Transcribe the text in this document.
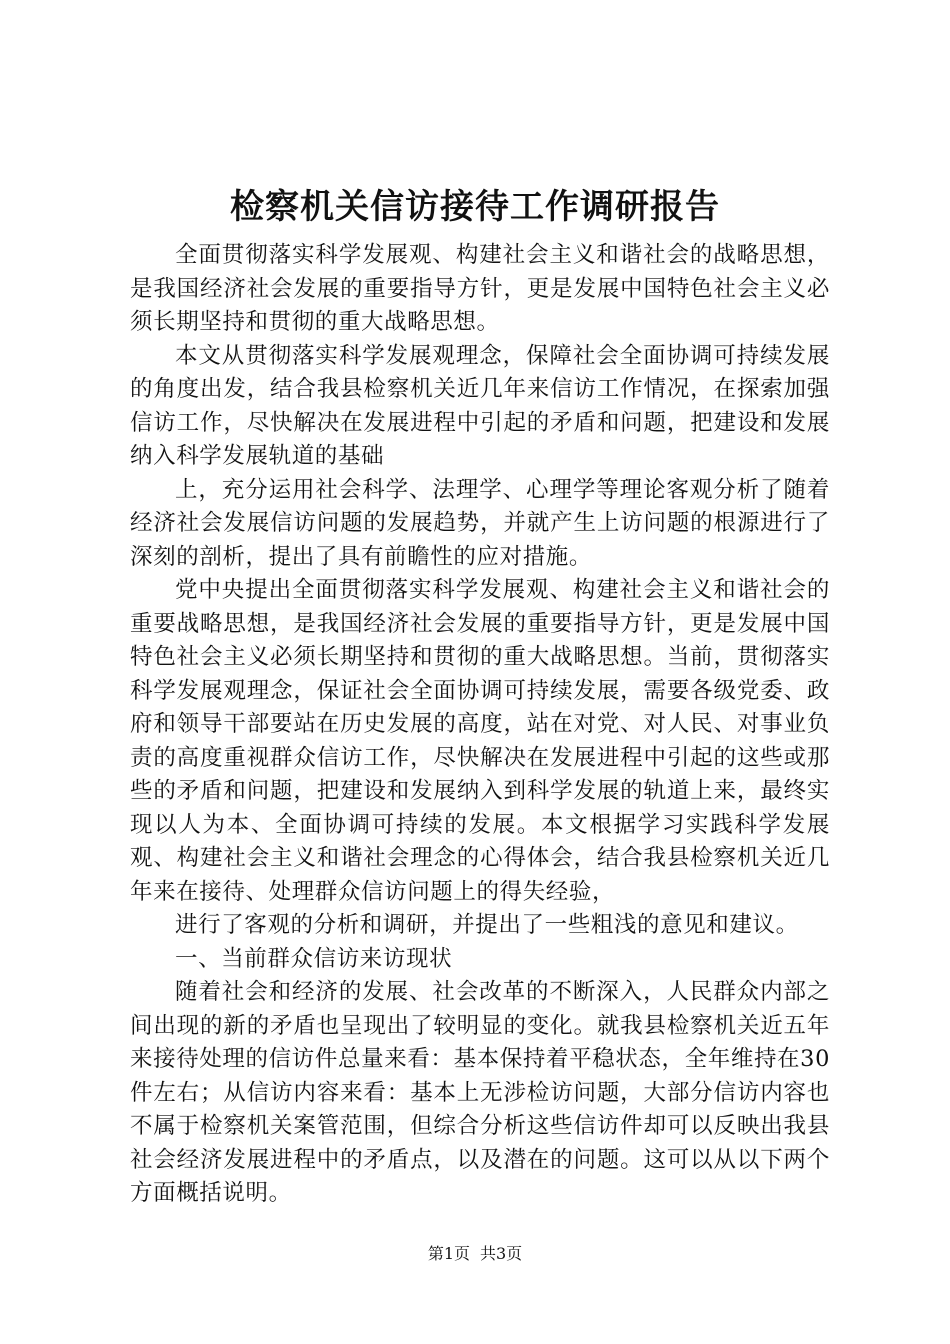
检察机关信访接待工作调研报告

全面贯彻落实科学发展观、构建社会主义和谐社会的战略思想，是我国经济社会发展的重要指导方针，更是发展中国特色社会主义必须长期坚持和贯彻的重大战略思想。

本文从贯彻落实科学发展观理念，保障社会全面协调可持续发展的角度出发，结合我县检察机关近几年来信访工作情况，在探索加强信访工作，尽快解决在发展进程中引起的矛盾和问题，把建设和发展纳入科学发展轨道的基础

上，充分运用社会科学、法理学、心理学等理论客观分析了随着经济社会发展信访问题的发展趋势，并就产生上访问题的根源进行了深刻的剖析，提出了具有前瞻性的应对措施。

党中央提出全面贯彻落实科学发展观、构建社会主义和谐社会的重要战略思想，是我国经济社会发展的重要指导方针，更是发展中国特色社会主义必须长期坚持和贯彻的重大战略思想。当前，贯彻落实科学发展观理念，保证社会全面协调可持续发展，需要各级党委、政府和领导干部要站在历史发展的高度，站在对党、对人民、对事业负责的高度重视群众信访工作，尽快解决在发展进程中引起的这些或那些的矛盾和问题，把建设和发展纳入到科学发展的轨道上来，最终实现以人为本、全面协调可持续的发展。本文根据学习实践科学发展观、构建社会主义和谐社会理念的心得体会，结合我县检察机关近几年来在接待、处理群众信访问题上的得失经验，

进行了客观的分析和调研，并提出了一些粗浅的意见和建议。

一、当前群众信访来访现状

随着社会和经济的发展、社会改革的不断深入，人民群众内部之间出现的新的矛盾也呈现出了较明显的变化。就我县检察机关近五年来接待处理的信访件总量来看：基本保持着平稳状态，全年维持在30件左右；从信访内容来看：基本上无涉检访问题，大部分信访内容也不属于检察机关案管范围，但综合分析这些信访件却可以反映出我县社会经济发展进程中的矛盾点，以及潜在的问题。这可以从以下两个方面概括说明。

第1页 共3页
